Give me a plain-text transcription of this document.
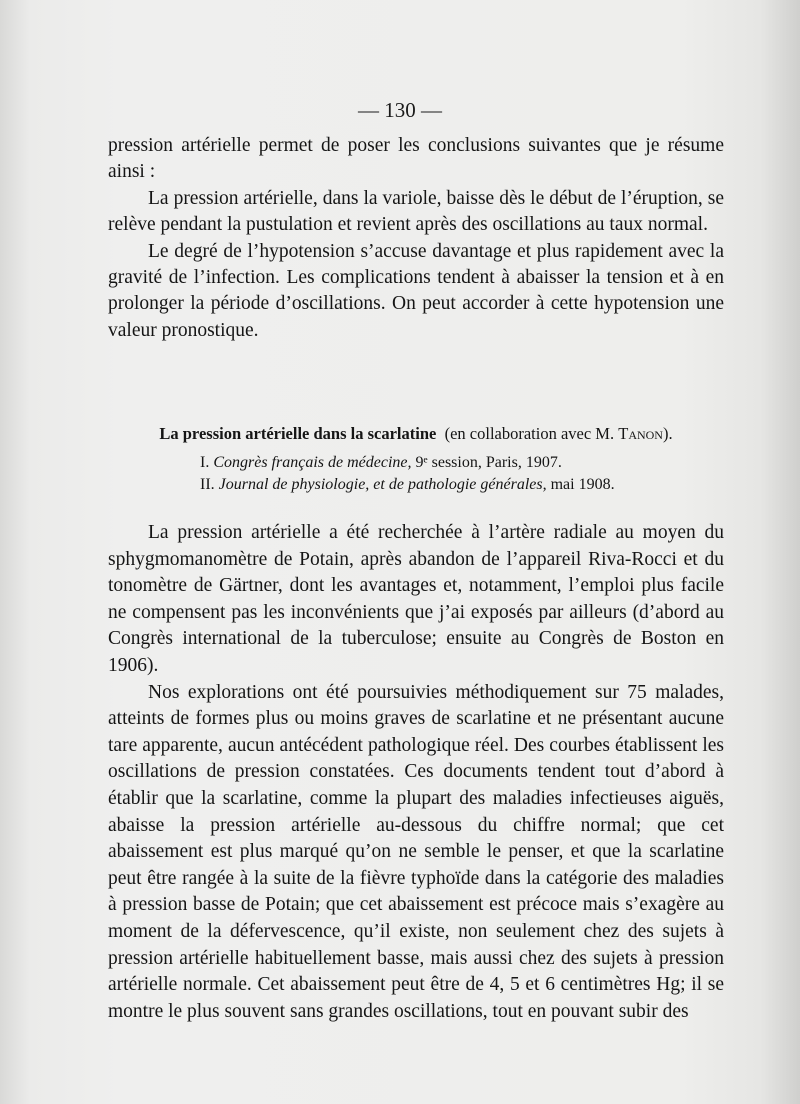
— 130 —

pression artérielle permet de poser les conclusions suivantes que je résume ainsi :

La pression artérielle, dans la variole, baisse dès le début de l’éruption, se relève pendant la pustulation et revient après des oscillations au taux normal.

Le degré de l’hypotension s’accuse davantage et plus rapidement avec la gravité de l’infection. Les complications tendent à abaisser la tension et à en prolonger la période d’oscillations. On peut accorder à cette hypotension une valeur pronostique.

La pression artérielle dans la scarlatine (en collaboration avec M. Tanon).
I. Congrès français de médecine, 9ᵉ session, Paris, 1907.
II. Journal de physiologie, et de pathologie générales, mai 1908.

La pression artérielle a été recherchée à l’artère radiale au moyen du sphygmomanomètre de Potain, après abandon de l’appareil Riva-Rocci et du tonomètre de Gärtner, dont les avantages et, notamment, l’emploi plus facile ne compensent pas les inconvénients que j’ai exposés par ailleurs (d’abord au Congrès international de la tuberculose; ensuite au Congrès de Boston en 1906).

Nos explorations ont été poursuivies méthodiquement sur 75 malades, atteints de formes plus ou moins graves de scarlatine et ne présentant aucune tare apparente, aucun antécédent pathologique réel. Des courbes établissent les oscillations de pression constatées. Ces documents tendent tout d’abord à établir que la scarlatine, comme la plupart des maladies infectieuses aiguës, abaisse la pression artérielle au-dessous du chiffre normal; que cet abaissement est plus marqué qu’on ne semble le penser, et que la scarlatine peut être rangée à la suite de la fièvre typhoïde dans la catégorie des maladies à pression basse de Potain; que cet abaissement est précoce mais s’exagère au moment de la défervescence, qu’il existe, non seulement chez des sujets à pression artérielle habituellement basse, mais aussi chez des sujets à pression artérielle normale. Cet abaissement peut être de 4, 5 et 6 centimètres Hg; il se montre le plus souvent sans grandes oscillations, tout en pouvant subir des
